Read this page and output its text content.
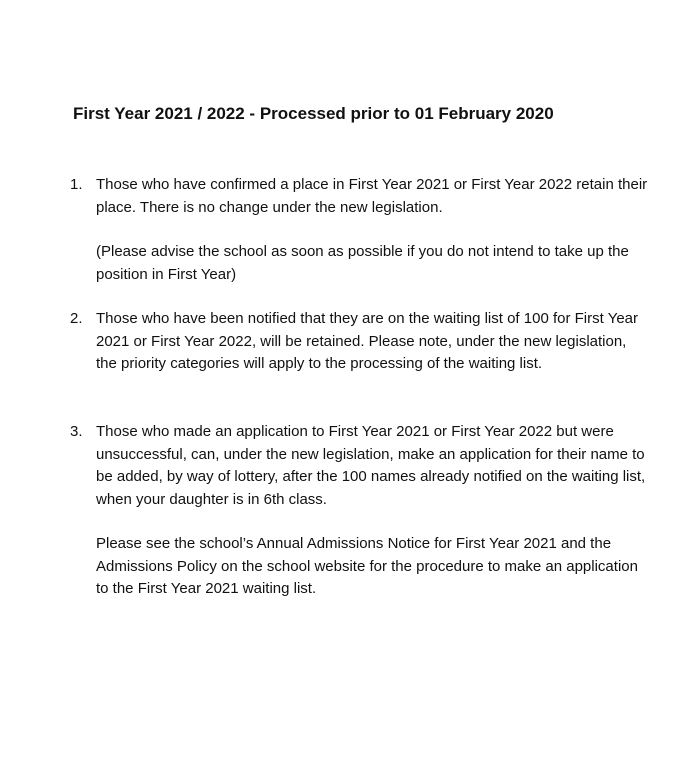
First Year 2021 / 2022 - Processed prior to 01 February 2020
1. Those who have confirmed a place in First Year 2021 or First Year 2022 retain their place. There is no change under the new legislation.

(Please advise the school as soon as possible if you do not intend to take up the position in First Year)

2. Those who have been notified that they are on the waiting list of 100 for First Year 2021 or First Year 2022, will be retained. Please note, under the new legislation, the priority categories will apply to the processing of the waiting list.

3. Those who made an application to First Year 2021 or First Year 2022 but were unsuccessful, can, under the new legislation, make an application for their name to be added, by way of lottery, after the 100 names already notified on the waiting list, when your daughter is in 6th class.

Please see the school’s Annual Admissions Notice for First Year 2021 and the Admissions Policy on the school website for the procedure to make an application to the First Year 2021 waiting list.
